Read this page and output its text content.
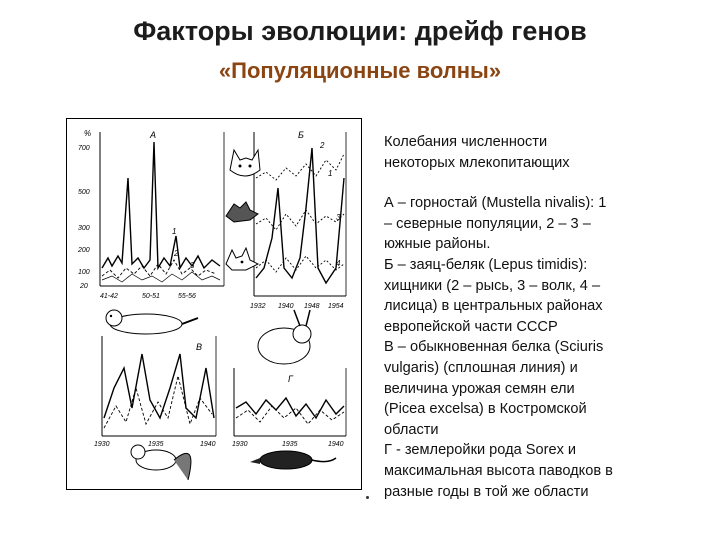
Факторы эволюции: дрейф генов
«Популяционные волны»
%	А
700
500
300
200
100
20
41-42	50-51	55-56
1
2
3
Б
1
2
3
4
1932 1940 1948 1954
В
1930	1935	1940
Г
1930	1935	1940
Колебания численности
некоторых млекопитающих
А – горностай (Mustella nivalis): 1
– северные популяции, 2 – 3 –
южные районы.
Б – заяц-беляк (Lepus timidis):
хищники (2 – рысь, 3 – волк, 4 –
лисица) в центральных районах
европейской части СССР
В – обыкновенная белка (Sciuris
vulgaris) (сплошная линия) и
величина урожая семян ели
(Picea excelsa) в Костромской
области
Г - землеройки рода Sorex и
максимальная высота паводков в
разные годы в той же области
